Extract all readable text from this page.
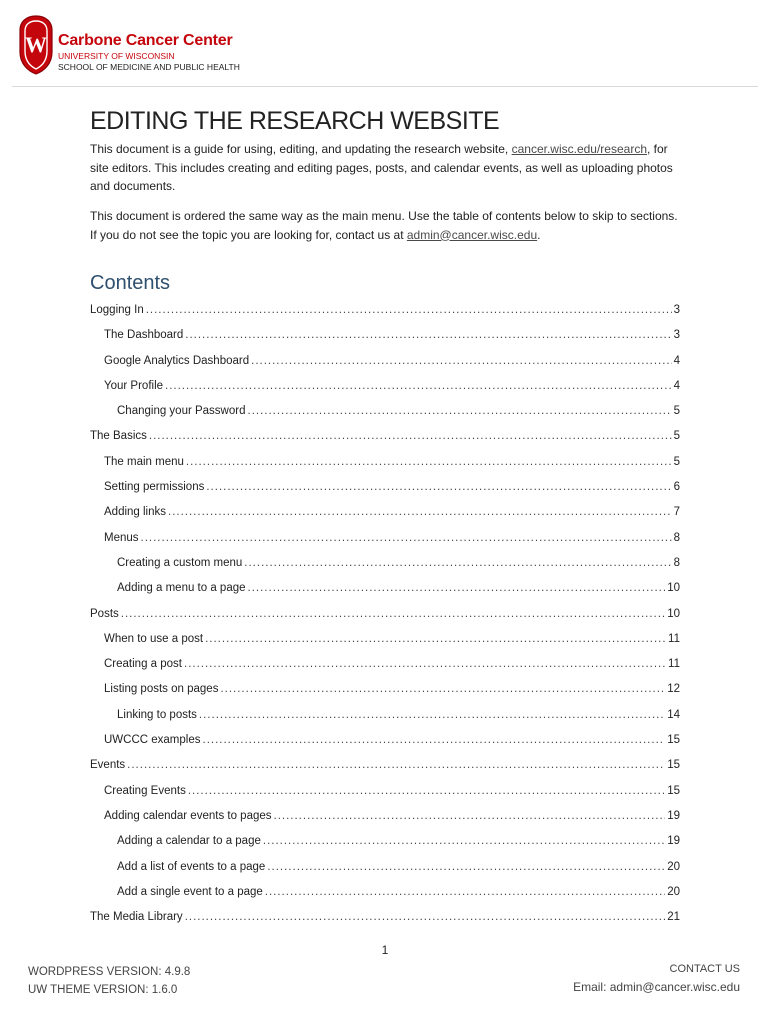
W Carbone Cancer Center
UNIVERSITY OF WISCONSIN
SCHOOL OF MEDICINE AND PUBLIC HEALTH
EDITING THE RESEARCH WEBSITE

This document is a guide for using, editing, and updating the research website, cancer.wisc.edu/research, for site editors. This includes creating and editing pages, posts, and calendar events, as well as uploading photos and documents.

This document is ordered the same way as the main menu. Use the table of contents below to skip to sections. If you do not see the topic you are looking for, contact us at admin@cancer.wisc.edu.

Contents
Logging In .....	3
The Dashboard .....	3
Google Analytics Dashboard .....	4
Your Profile .....	4
Changing your Password .....	5
The Basics .....	5
The main menu .....	5
Setting permissions .....	6
Adding links .....	7
Menus .....	8
Creating a custom menu .....	8
Adding a menu to a page .....	10
Posts .....	10
When to use a post .....	11
Creating a post .....	11
Listing posts on pages .....	12
Linking to posts .....	14
UWCCC examples .....	15
Events .....	15
Creating Events .....	15
Adding calendar events to pages .....	19
Adding a calendar to a page .....	19
Add a list of events to a page .....	20
Add a single event to a page .....	20
The Media Library .....	21
1
WORDPRESS VERSION: 4.9.8
UW THEME VERSION: 1.6.0
CONTACT US
Email: admin@cancer.wisc.edu
